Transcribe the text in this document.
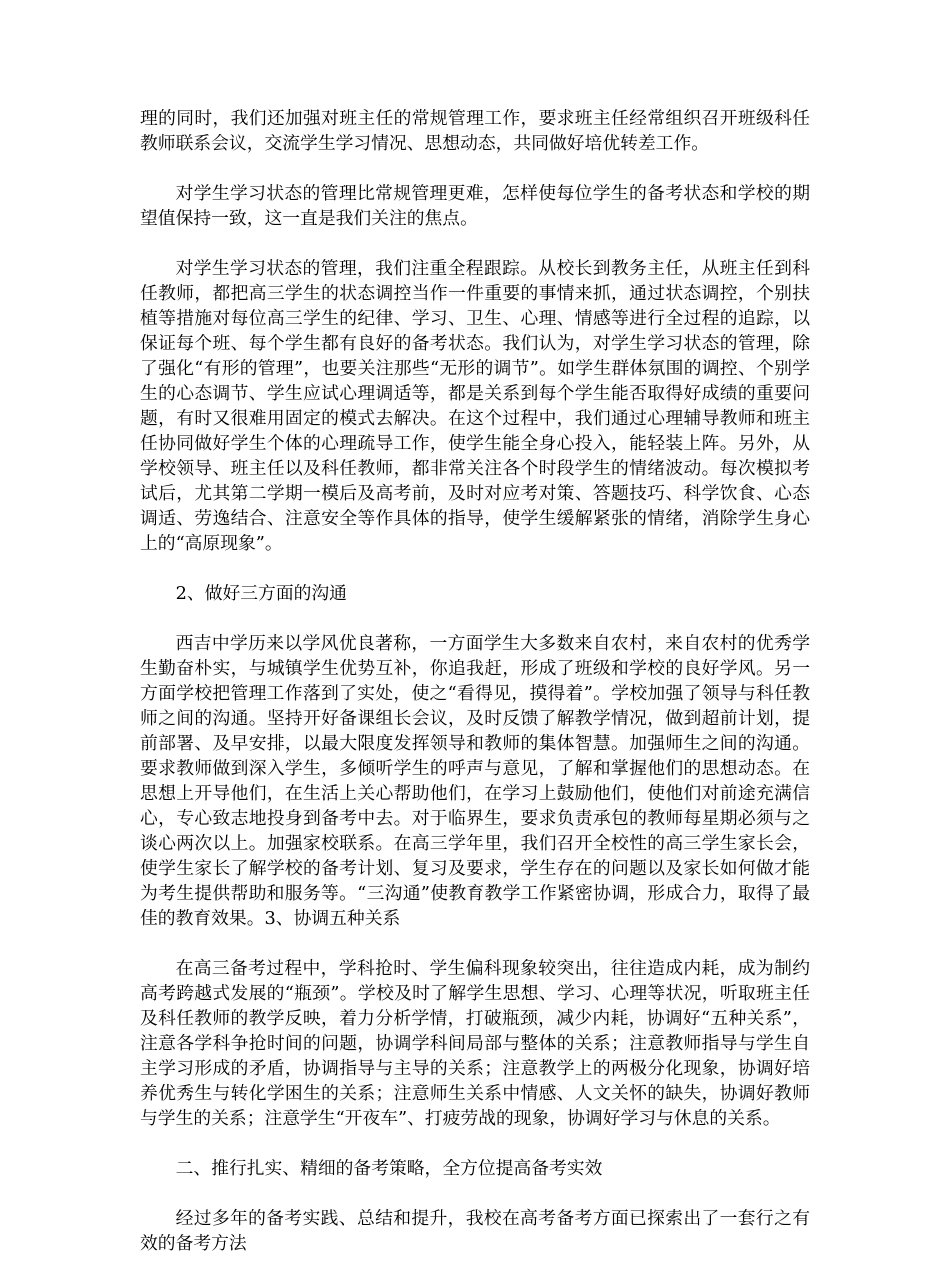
理的同时，我们还加强对班主任的常规管理工作，要求班主任经常组织召开班级科任教师联系会议，交流学生学习情况、思想动态，共同做好培优转差工作。

对学生学习状态的管理比常规管理更难，怎样使每位学生的备考状态和学校的期望值保持一致，这一直是我们关注的焦点。

对学生学习状态的管理，我们注重全程跟踪。从校长到教务主任，从班主任到科任教师，都把高三学生的状态调控当作一件重要的事情来抓，通过状态调控，个别扶植等措施对每位高三学生的纪律、学习、卫生、心理、情感等进行全过程的追踪，以保证每个班、每个学生都有良好的备考状态。我们认为，对学生学习状态的管理，除了强化“有形的管理”，也要关注那些“无形的调节”。如学生群体氛围的调控、个别学生的心态调节、学生应试心理调适等，都是关系到每个学生能否取得好成绩的重要问题，有时又很难用固定的模式去解决。在这个过程中，我们通过心理辅导教师和班主任协同做好学生个体的心理疏导工作，使学生能全身心投入，能轻装上阵。另外，从学校领导、班主任以及科任教师，都非常关注各个时段学生的情绪波动。每次模拟考试后，尤其第二学期一模后及高考前，及时对应考对策、答题技巧、科学饮食、心态调适、劳逸结合、注意安全等作具体的指导，使学生缓解紧张的情绪，消除学生身心上的“高原现象”。

2、做好三方面的沟通

西吉中学历来以学风优良著称，一方面学生大多数来自农村，来自农村的优秀学生勤奋朴实，与城镇学生优势互补，你追我赶，形成了班级和学校的良好学风。另一方面学校把管理工作落到了实处，使之“看得见，摸得着”。学校加强了领导与科任教师之间的沟通。坚持开好备课组长会议，及时反馈了解教学情况，做到超前计划，提前部署、及早安排，以最大限度发挥领导和教师的集体智慧。加强师生之间的沟通。要求教师做到深入学生，多倾听学生的呼声与意见，了解和掌握他们的思想动态。在思想上开导他们，在生活上关心帮助他们，在学习上鼓励他们，使他们对前途充满信心，专心致志地投身到备考中去。对于临界生，要求负责承包的教师每星期必须与之谈心两次以上。加强家校联系。在高三学年里，我们召开全校性的高三学生家长会，使学生家长了解学校的备考计划、复习及要求，学生存在的问题以及家长如何做才能为考生提供帮助和服务等。“三沟通”使教育教学工作紧密协调，形成合力，取得了最佳的教育效果。3、协调五种关系

在高三备考过程中，学科抢时、学生偏科现象较突出，往往造成内耗，成为制约高考跨越式发展的“瓶颈”。学校及时了解学生思想、学习、心理等状况，听取班主任及科任教师的教学反映，着力分析学情，打破瓶颈，减少内耗，协调好“五种关系”，注意各学科争抢时间的问题，协调学科间局部与整体的关系；注意教师指导与学生自主学习形成的矛盾，协调指导与主导的关系；注意教学上的两极分化现象，协调好培养优秀生与转化学困生的关系；注意师生关系中情感、人文关怀的缺失，协调好教师与学生的关系；注意学生“开夜车”、打疲劳战的现象，协调好学习与休息的关系。

二、推行扎实、精细的备考策略，全方位提高备考实效

经过多年的备考实践、总结和提升，我校在高考备考方面已探索出了一套行之有效的备考方法
